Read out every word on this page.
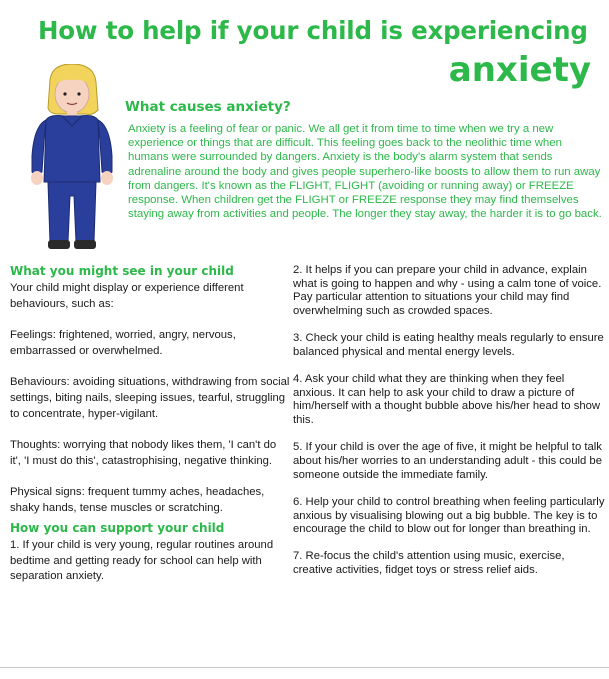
How to help if your child is experiencing
anxiety
What causes anxiety?
Anxiety is a feeling of fear or panic. We all get it from time to time when we try a new experience or things that are difficult. This feeling goes back to the neolithic time when humans were surrounded by dangers. Anxiety is the body's alarm system that sends adrenaline around the body and gives people superhero-like boosts to allow them to run away from dangers. It's known as the FLIGHT, FLIGHT (avoiding or running away) or FREEZE response. When children get the FLIGHT or FREEZE response they may find themselves staying away from activities and people. The longer they stay away, the harder it is to go back.
What you might see in your child

Your child might display or experience different behaviours, such as:

Feelings: frightened, worried, angry, nervous, embarrassed or overwhelmed.

Behaviours: avoiding situations, withdrawing from social settings, biting nails, sleeping issues, tearful, struggling to concentrate, hyper-vigilant.

Thoughts: worrying that nobody likes them, 'I can't do it', 'I must do this', catastrophising, negative thinking.

Physical signs: frequent tummy aches, headaches, shaky hands, tense muscles or scratching.

How you can support your child

1. If your child is very young, regular routines around bedtime and getting ready for school can help with separation anxiety.

2. It helps if you can prepare your child in advance, explain what is going to happen and why - using a calm tone of voice. Pay particular attention to situations your child may find overwhelming such as crowded spaces.

3. Check your child is eating healthy meals regularly to ensure balanced physical and mental energy levels.

4. Ask your child what they are thinking when they feel anxious. It can help to ask your child to draw a picture of him/herself with a thought bubble above his/her head to show this.

5. If your child is over the age of five, it might be helpful to talk about his/her worries to an understanding adult - this could be someone outside the immediate family.

6. Help your child to control breathing when feeling particularly anxious by visualising blowing out a big bubble. The key is to encourage the child to blow out for longer than breathing in.

7. Re-focus the child's attention using music, exercise, creative activities, fidget toys or stress relief aids.
